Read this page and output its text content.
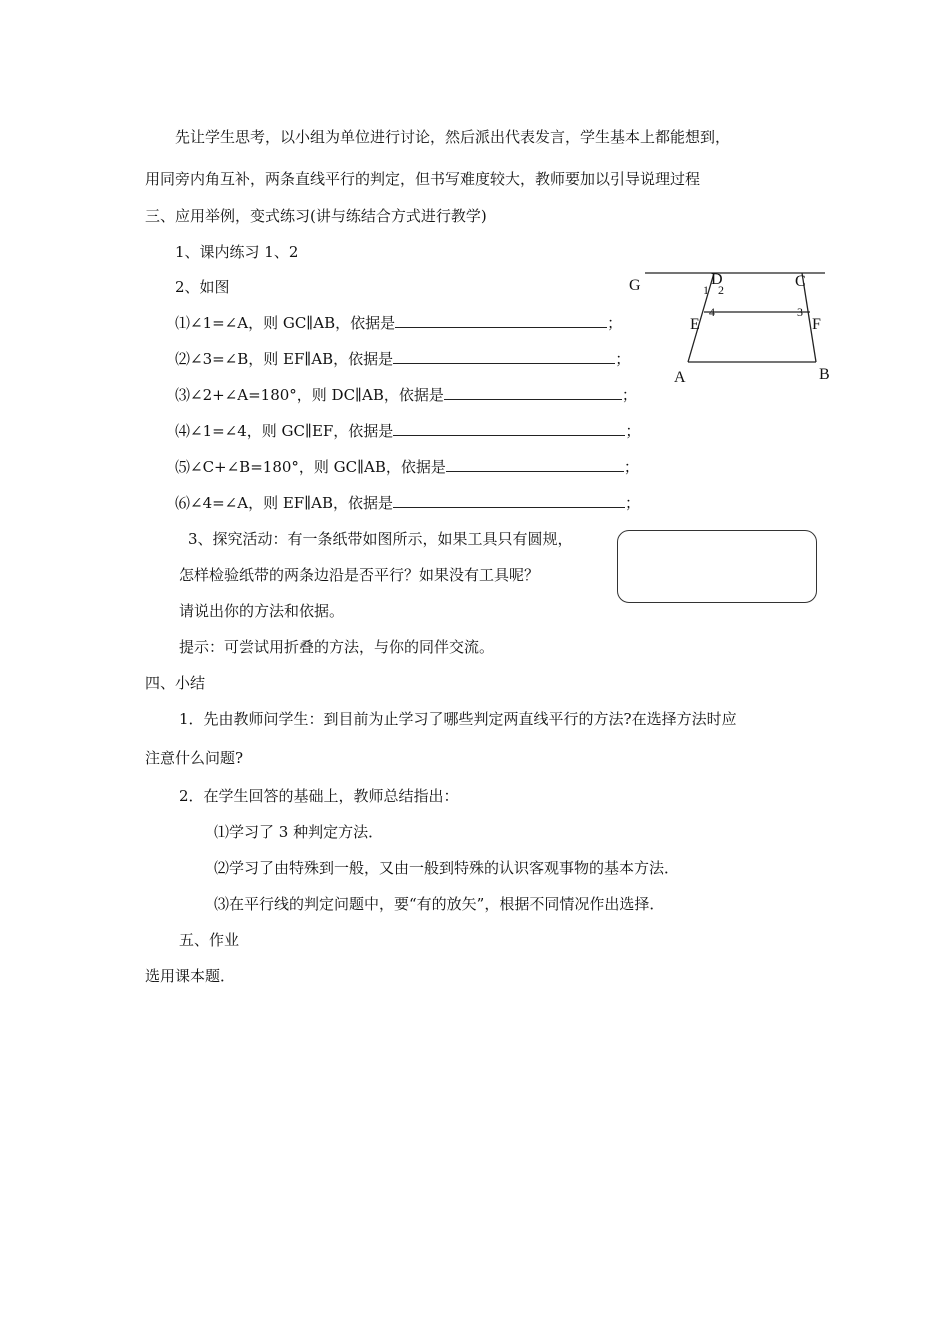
先让学生思考，以小组为单位进行讨论，然后派出代表发言，学生基本上都能想到，
用同旁内角互补，两条直线平行的判定，但书写难度较大，教师要加以引导说理过程
三、应用举例，变式练习(讲与练结合方式进行教学)
1、课内练习 1、2
2、如图
⑴∠1=∠A，则 GC∥AB，依据是	；
⑵∠3=∠B，则 EF∥AB，依据是	；
⑶∠2+∠A=180°，则 DC∥AB，依据是	；
⑷∠1=∠4，则 GC∥EF，依据是	；
⑸∠C+∠B=180°，则 GC∥AB，依据是	；
⑹∠4=∠A，则 EF∥AB，依据是	；
G	D	C
1 2
4	3
E	F
A	B
3、探究活动：有一条纸带如图所示，如果工具只有圆规，
怎样检验纸带的两条边沿是否平行？如果没有工具呢？
请说出你的方法和依据。
提示：可尝试用折叠的方法，与你的同伴交流。
四、小结
1．先由教师问学生：到目前为止学习了哪些判定两直线平行的方法?在选择方法时应
注意什么问题?
2．在学生回答的基础上，教师总结指出：
⑴学习了 3 种判定方法．
⑵学习了由特殊到一般，又由一般到特殊的认识客观事物的基本方法．
⑶在平行线的判定问题中，要“有的放矢”，根据不同情况作出选择．
五、作业
选用课本题．
